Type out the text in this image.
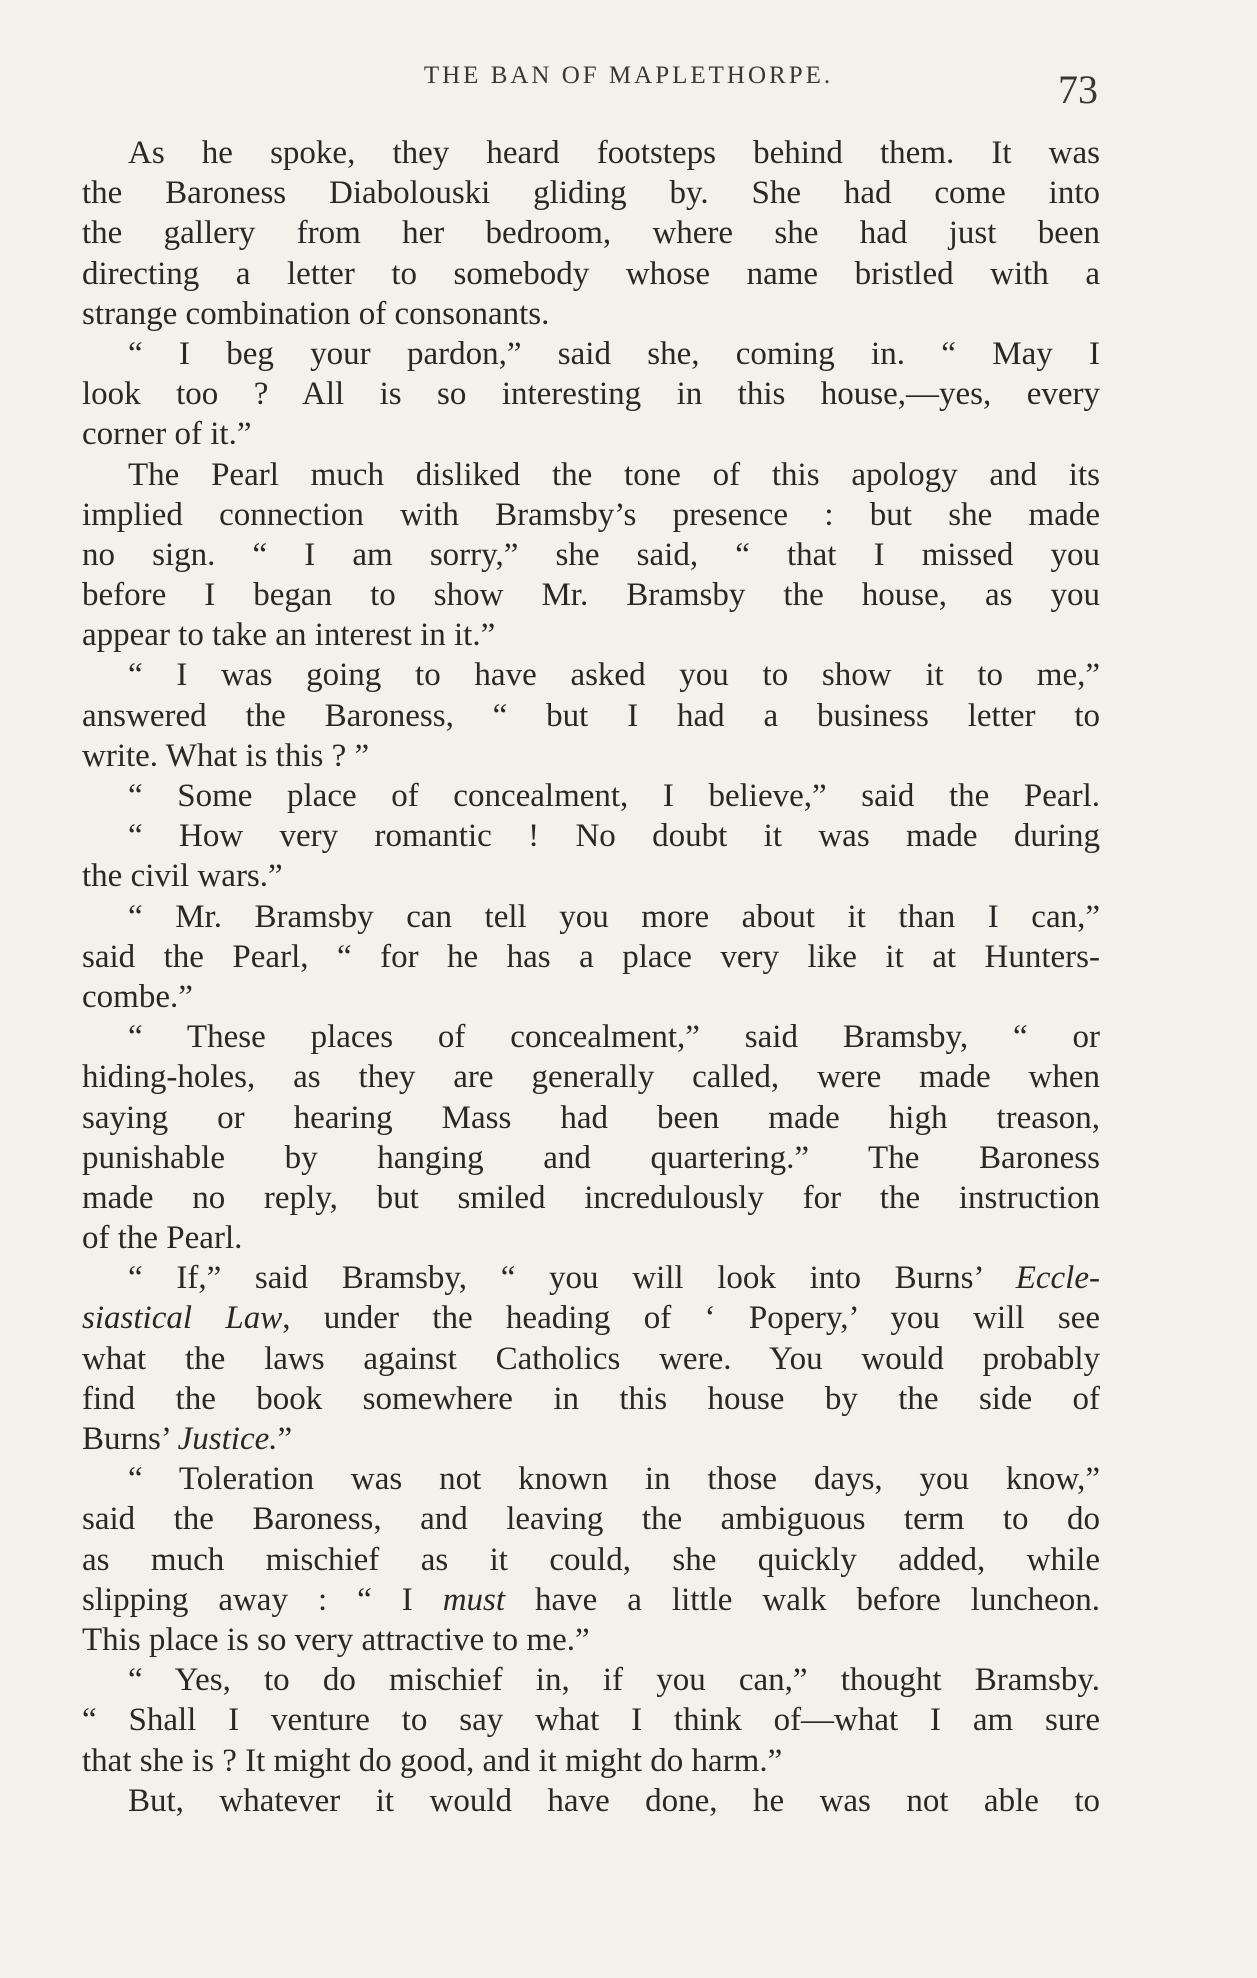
THE BAN OF MAPLETHORPE.	73
As he spoke, they heard footsteps behind them. It was
the Baroness Diabolouski gliding by. She had come into
the gallery from her bedroom, where she had just been
directing a letter to somebody whose name bristled with a
strange combination of consonants.
“ I beg your pardon,” said she, coming in. “ May I
look too ? All is so interesting in this house,—yes, every
corner of it.”
The Pearl much disliked the tone of this apology and its
implied connection with Bramsby’s presence : but she made
no sign. “ I am sorry,” she said, “ that I missed you
before I began to show Mr. Bramsby the house, as you
appear to take an interest in it.”
“ I was going to have asked you to show it to me,”
answered the Baroness, “ but I had a business letter to
write. What is this ? ”
“ Some place of concealment, I believe,” said the Pearl.
“ How very romantic ! No doubt it was made during
the civil wars.”
“ Mr. Bramsby can tell you more about it than I can,”
said the Pearl, “ for he has a place very like it at Hunters-
combe.”
“ These places of concealment,” said Bramsby, “ or
hiding-holes, as they are generally called, were made when
saying or hearing Mass had been made high treason,
punishable by hanging and quartering.” The Baroness
made no reply, but smiled incredulously for the instruction
of the Pearl.
“ If,” said Bramsby, “ you will look into Burns’ Eccle-
siastical Law, under the heading of ‘ Popery,’ you will see
what the laws against Catholics were. You would probably
find the book somewhere in this house by the side of
Burns’ Justice.”
“ Toleration was not known in those days, you know,”
said the Baroness, and leaving the ambiguous term to do
as much mischief as it could, she quickly added, while
slipping away : “ I must have a little walk before luncheon.
This place is so very attractive to me.”
“ Yes, to do mischief in, if you can,” thought Bramsby.
“ Shall I venture to say what I think of—what I am sure
that she is ? It might do good, and it might do harm.”
But, whatever it would have done, he was not able to
